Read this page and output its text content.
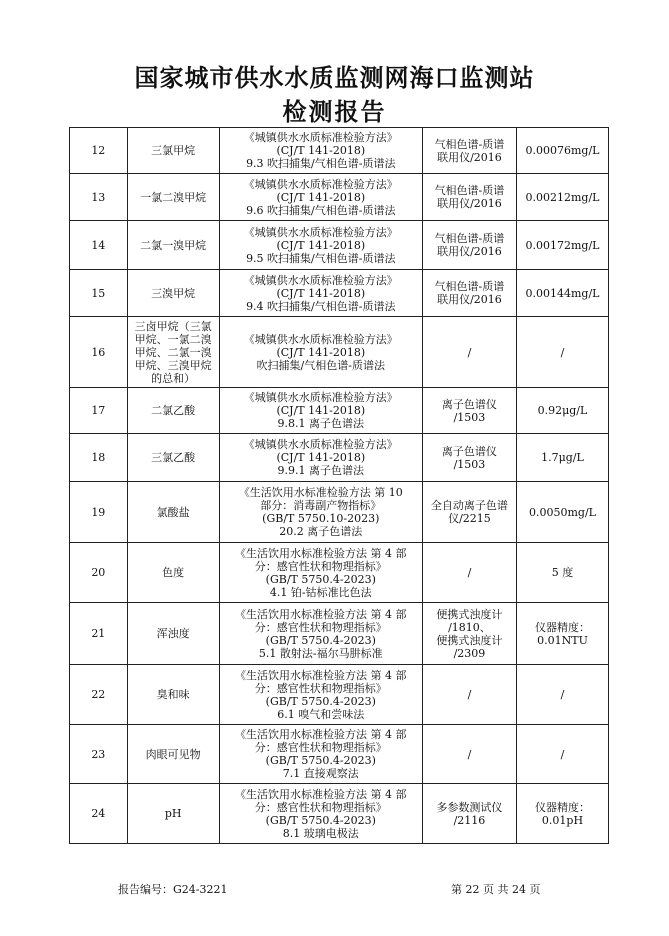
国家城市供水水质监测网海口监测站
检测报告
12	三氯甲烷	《城镇供水水质标准检验方法》
(CJ/T 141-2018)
9.3 吹扫捕集/气相色谱-质谱法	气相色谱-质谱
联用仪/2016	0.00076mg/L

13	一氯二溴甲烷	《城镇供水水质标准检验方法》
(CJ/T 141-2018)
9.6 吹扫捕集/气相色谱-质谱法	气相色谱-质谱
联用仪/2016	0.00212mg/L

14	二氯一溴甲烷	《城镇供水水质标准检验方法》
(CJ/T 141-2018)
9.5 吹扫捕集/气相色谱-质谱法	气相色谱-质谱
联用仪/2016	0.00172mg/L

15	三溴甲烷	《城镇供水水质标准检验方法》
(CJ/T 141-2018)
9.4 吹扫捕集/气相色谱-质谱法	气相色谱-质谱
联用仪/2016	0.00144mg/L

16	三卤甲烷（三氯
甲烷、一氯二溴
甲烷、二氯一溴
甲烷、三溴甲烷
的总和）	《城镇供水水质标准检验方法》
(CJ/T 141-2018)
吹扫捕集/气相色谱-质谱法	/	/

17	二氯乙酸	《城镇供水水质标准检验方法》
(CJ/T 141-2018)
9.8.1 离子色谱法	离子色谱仪
/1503	0.92μg/L

18	三氯乙酸	《城镇供水水质标准检验方法》
(CJ/T 141-2018)
9.9.1 离子色谱法	离子色谱仪
/1503	1.7μg/L

19	氯酸盐	《生活饮用水标准检验方法 第 10
部分：消毒副产物指标》
(GB/T 5750.10-2023)
20.2 离子色谱法	全自动离子色谱
仪/2215	0.0050mg/L

20	色度	《生活饮用水标准检验方法 第 4 部
分：感官性状和物理指标》
(GB/T 5750.4-2023)
4.1 铂-钴标准比色法	/	5 度

21	浑浊度	《生活饮用水标准检验方法 第 4 部
分：感官性状和物理指标》
(GB/T 5750.4-2023)
5.1 散射法-福尔马肼标准	便携式浊度计
/1810、
便携式浊度计
/2309	仪器精度：
0.01NTU

22	臭和味	《生活饮用水标准检验方法 第 4 部
分：感官性状和物理指标》
(GB/T 5750.4-2023)
6.1 嗅气和尝味法	/	/

23	肉眼可见物	《生活饮用水标准检验方法 第 4 部
分：感官性状和物理指标》
(GB/T 5750.4-2023)
7.1 直接观察法	/	/

24	pH	《生活饮用水标准检验方法 第 4 部
分：感官性状和物理指标》
(GB/T 5750.4-2023)
8.1 玻璃电极法	多参数测试仪
/2116	仪器精度：
0.01pH
报告编号：G24-3221	第 22 页 共 24 页
